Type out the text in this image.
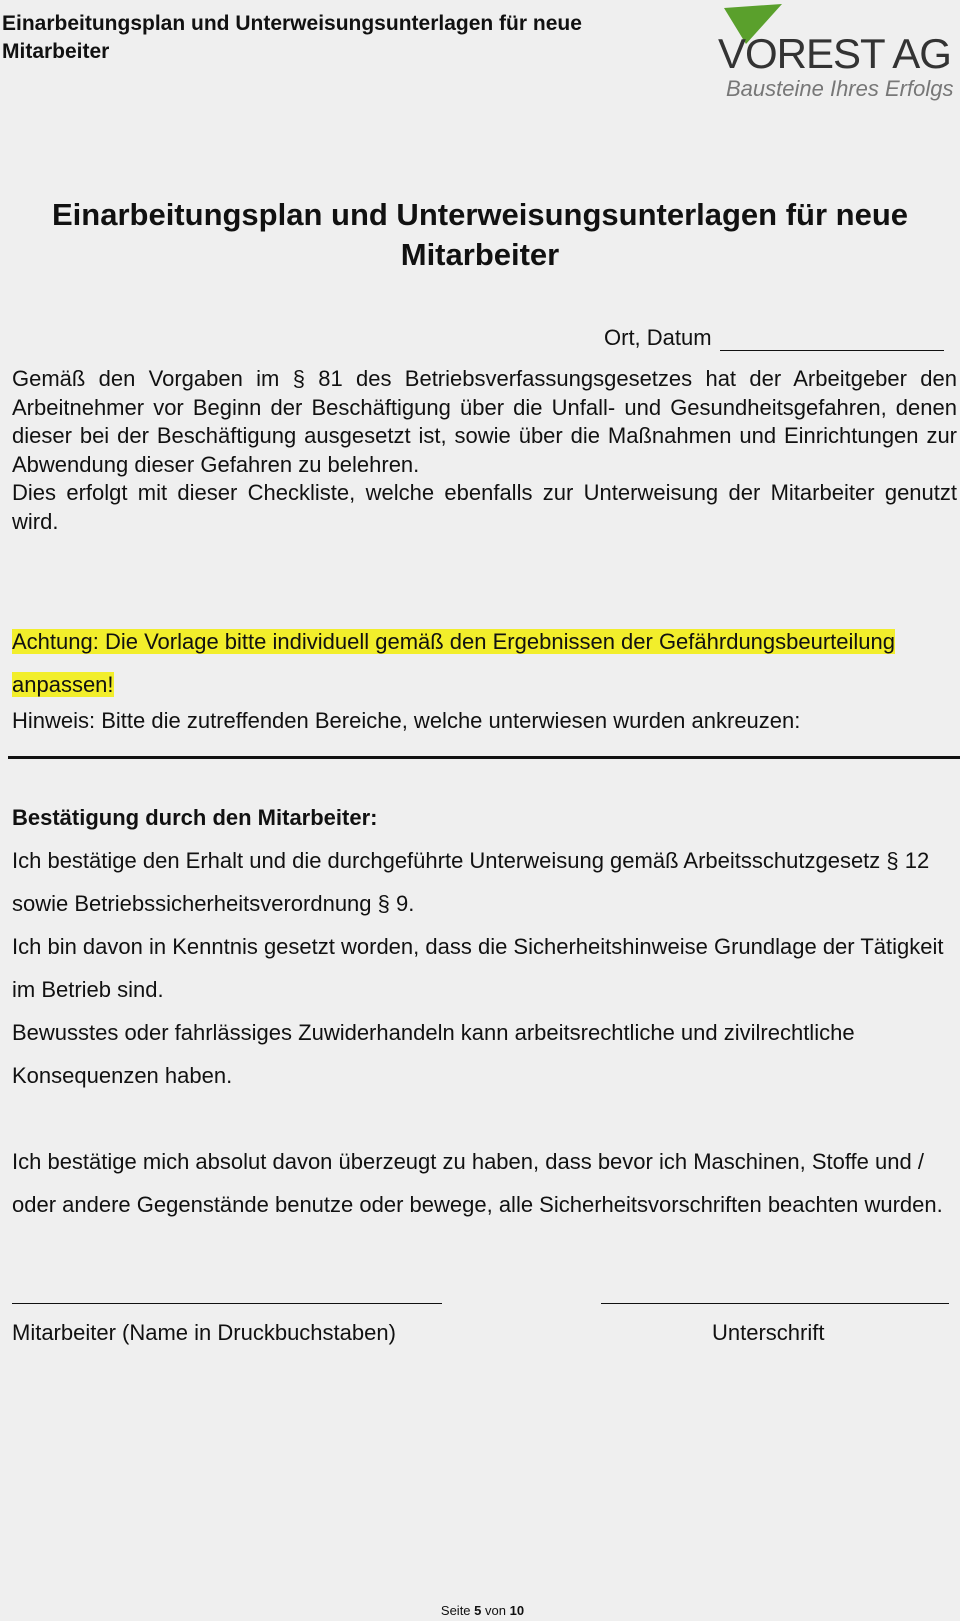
Einarbeitungsplan und Unterweisungsunterlagen für neue Mitarbeiter	VOREST AG
Bausteine Ihres Erfolgs
Einarbeitungsplan und Unterweisungsunterlagen für neue Mitarbeiter
Ort, Datum

Gemäß den Vorgaben im § 81 des Betriebsverfassungsgesetzes hat der Arbeitgeber den Arbeitnehmer vor Beginn der Beschäftigung über die Unfall- und Gesundheitsgefahren, denen dieser bei der Beschäftigung ausgesetzt ist, sowie über die Maßnahmen und Einrichtungen zur Abwendung dieser Gefahren zu belehren.

Dies erfolgt mit dieser Checkliste, welche ebenfalls zur Unterweisung der Mitarbeiter genutzt wird.

Achtung: Die Vorlage bitte individuell gemäß den Ergebnissen der Gefährdungsbeurteilung anpassen!
Hinweis: Bitte die zutreffenden Bereiche, welche unterwiesen wurden ankreuzen:

Bestätigung durch den Mitarbeiter:

Ich bestätige den Erhalt und die durchgeführte Unterweisung gemäß Arbeitsschutzgesetz § 12 sowie Betriebssicherheitsverordnung § 9.

Ich bin davon in Kenntnis gesetzt worden, dass die Sicherheitshinweise Grundlage der Tätigkeit im Betrieb sind.

Bewusstes oder fahrlässiges Zuwiderhandeln kann arbeitsrechtliche und zivilrechtliche Konsequenzen haben.

Ich bestätige mich absolut davon überzeugt zu haben, dass bevor ich Maschinen, Stoffe und / oder andere Gegenstände benutze oder bewege, alle Sicherheitsvorschriften beachten wurden.

Mitarbeiter (Name in Druckbuchstaben)	Unterschrift
Seite 5 von 10
